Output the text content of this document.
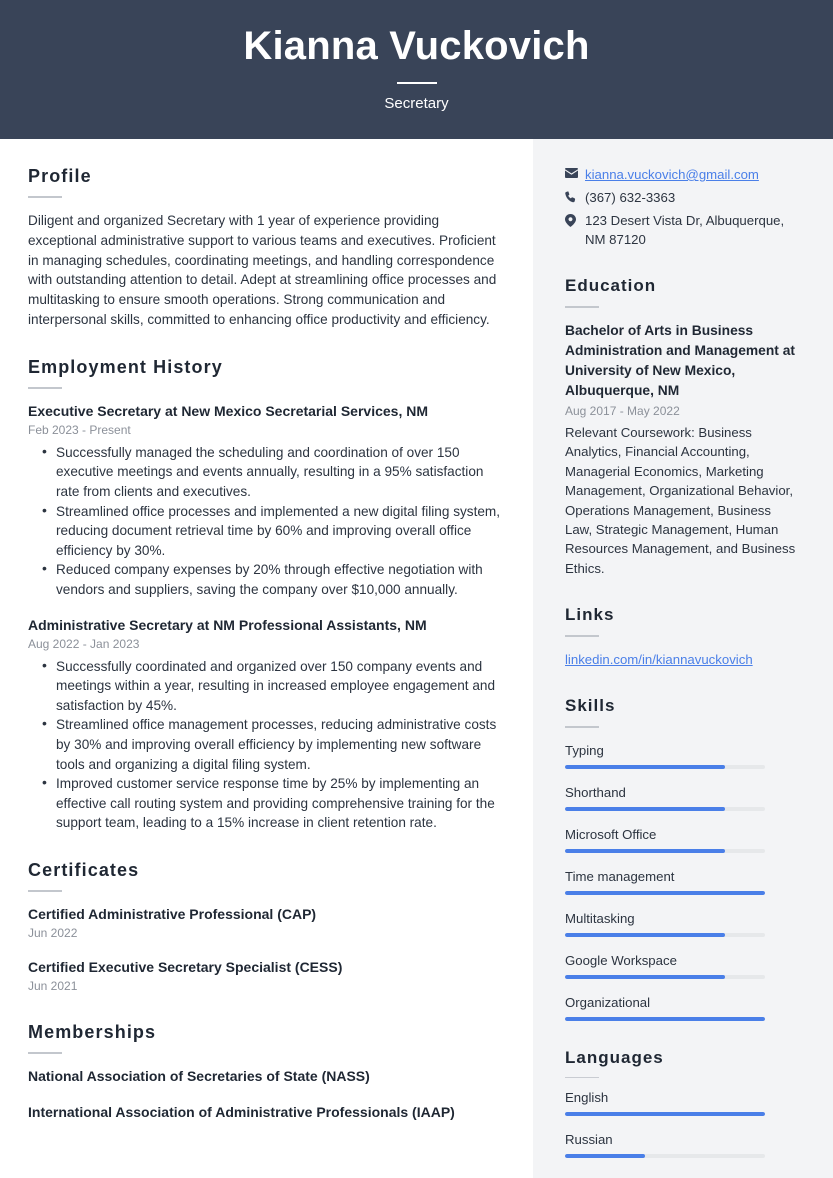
Kianna Vuckovich
Secretary
Profile
Diligent and organized Secretary with 1 year of experience providing exceptional administrative support to various teams and executives. Proficient in managing schedules, coordinating meetings, and handling correspondence with outstanding attention to detail. Adept at streamlining office processes and multitasking to ensure smooth operations. Strong communication and interpersonal skills, committed to enhancing office productivity and efficiency.
Employment History
Executive Secretary at New Mexico Secretarial Services, NM
Feb 2023 - Present
• Successfully managed the scheduling and coordination of over 150 executive meetings and events annually, resulting in a 95% satisfaction rate from clients and executives.
• Streamlined office processes and implemented a new digital filing system, reducing document retrieval time by 60% and improving overall office efficiency by 30%.
• Reduced company expenses by 20% through effective negotiation with vendors and suppliers, saving the company over $10,000 annually.
Administrative Secretary at NM Professional Assistants, NM
Aug 2022 - Jan 2023
• Successfully coordinated and organized over 150 company events and meetings within a year, resulting in increased employee engagement and satisfaction by 45%.
• Streamlined office management processes, reducing administrative costs by 30% and improving overall efficiency by implementing new software tools and organizing a digital filing system.
• Improved customer service response time by 25% by implementing an effective call routing system and providing comprehensive training for the support team, leading to a 15% increase in client retention rate.
Certificates
Certified Administrative Professional (CAP)
Jun 2022
Certified Executive Secretary Specialist (CESS)
Jun 2021
Memberships
National Association of Secretaries of State (NASS)
International Association of Administrative Professionals (IAAP)
kianna.vuckovich@gmail.com
(367) 632-3363
123 Desert Vista Dr, Albuquerque, NM 87120
Education
Bachelor of Arts in Business Administration and Management at University of New Mexico, Albuquerque, NM
Aug 2017 - May 2022
Relevant Coursework: Business Analytics, Financial Accounting, Managerial Economics, Marketing Management, Organizational Behavior, Operations Management, Business Law, Strategic Management, Human Resources Management, and Business Ethics.
Links
linkedin.com/in/kiannavuckovich
Skills
Typing
Shorthand
Microsoft Office
Time management
Multitasking
Google Workspace
Organizational
Languages
English
Russian
